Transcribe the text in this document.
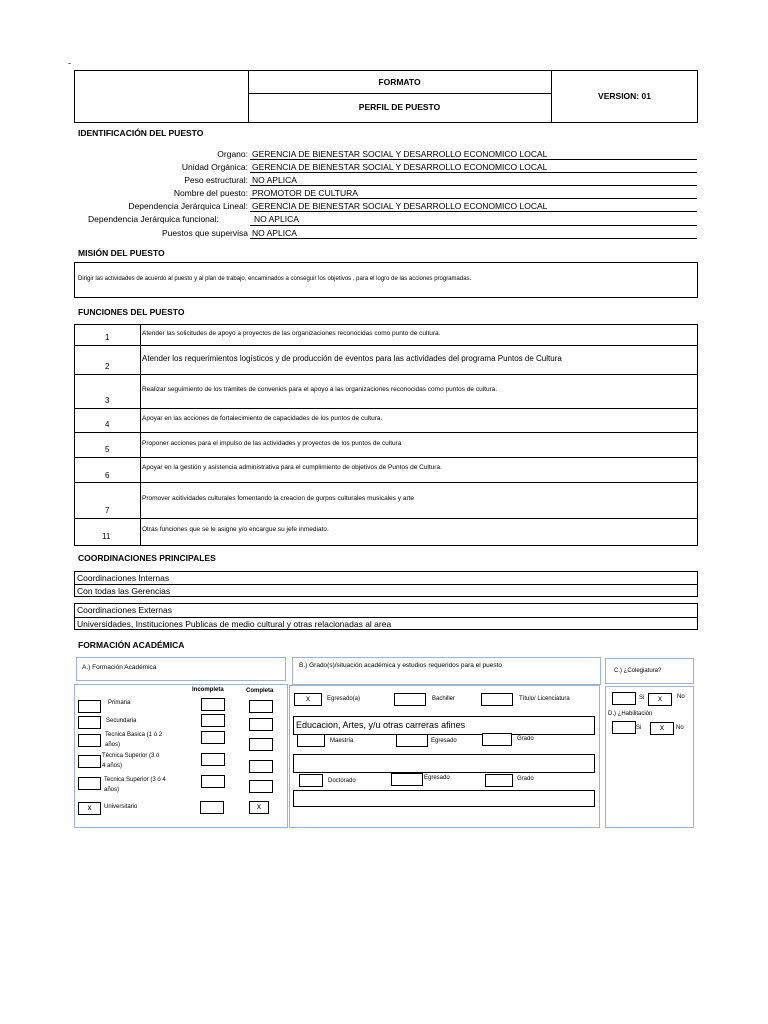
-
FORMATO
PERFIL DE PUESTO
VERSION: 01
IDENTIFICACIÓN DEL PUESTO
Organo: GERENCIA DE BIENESTAR SOCIAL Y DESARROLLO ECONOMICO LOCAL
Unidad Orgánica: GERENCIA DE BIENESTAR SOCIAL Y DESARROLLO ECONOMICO LOCAL
Peso estructural: NO APLICA
Nombre del puesto: PROMOTOR DE CULTURA
Dependencia Jerárquica Lineal: GERENCIA DE BIENESTAR SOCIAL Y DESARROLLO ECONOMICO LOCAL
Dependencia Jerárquica funcional:	NO APLICA
Puestos que supervisa NO APLICA
MISIÓN DEL PUESTO
Dirigir las actividades de acuerdo al puesto y al plan de trabajo, encaminados a conseguir los objetivos , para el logro de las acciones programadas.
FUNCIONES DEL PUESTO
1	Atender las solicitudes de apoyo a proyectos de las organizaciones reconocidas como punto de cultura.
2
Atender los requerimientos logísticos y de producción de eventos para las actividades del programa Puntos de Cultura
3
Realizar seguimiento de los trámites de convenios para el apoyo a las organizaciones reconocidas como puntos de cultura.
4
Apoyar en las acciones de fortalecimiento de capacidades de los puntos de cultura.
5
Proponer acciones para el impulso de las actividades y proyectos de los puntos de cultura
6
Apoyar en la gestión y asistencia administrativa para el cumplimiento de objetivos de Puntos de Cultura.
7
Promover acitividades culturales fomentando la creacion de gurpos culturales musicales y arte
11
Otras funciones que se le asigne y/o encargue su jefe inmediato.
COORDINACIONES PRINCIPALES
Coordinaciones Internas
Con todas las Gerencias
Coordinaciones Externas
Universidades, Instituciones Publicas de medio cultural y otras relacionadas al area
FORMACIÓN ACADÉMICA
A.) Formación Académica
Incompleta	Completa
Primaria
Secundaria
Tecnica Basica (1 ó 2
años)
Técnica Superior (3 ó
4 años)
Tecnica Superior (3 ó 4
años)
x	Universitario	x
B.) Grado(s)/situación académica y estudios requeridos para el puesto
x	Egresado(a)	Bachiller	Título/ Licenciatura
Educacion, Artes, y/u otras carreras afines
Maestría	Egresado	Grado
Doctorado	Egresado	Grado
C.) ¿Colegiatura?
Si	x	No
D.) ¿Habilitación
Si	x	No
